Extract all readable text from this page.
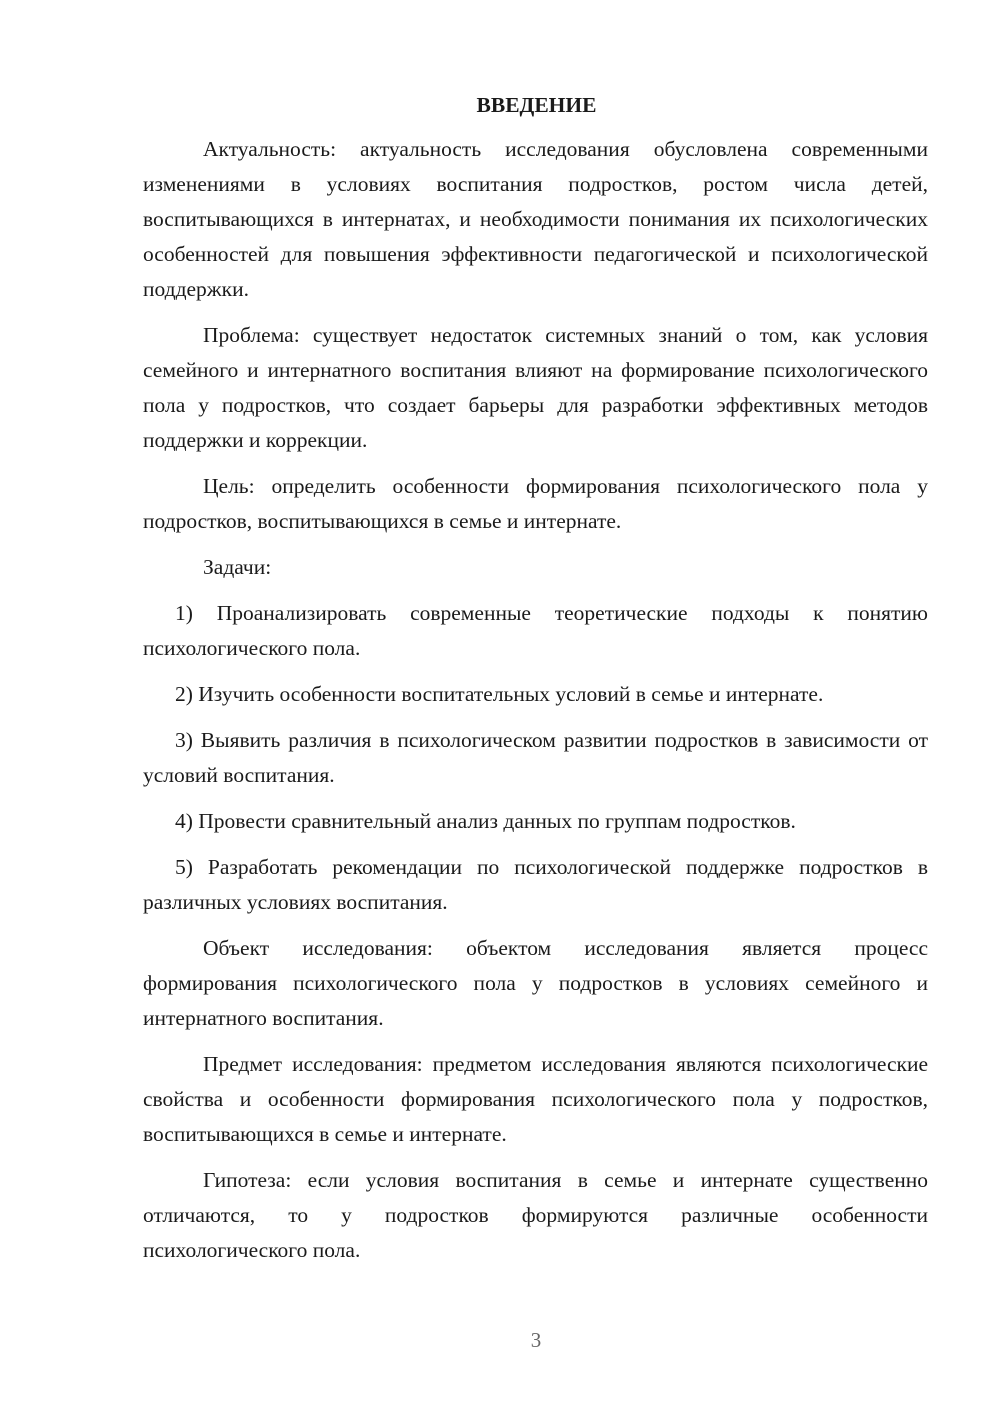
ВВЕДЕНИЕ

Актуальность: актуальность исследования обусловлена современными изменениями в условиях воспитания подростков, ростом числа детей, воспитывающихся в интернатах, и необходимости понимания их психологических особенностей для повышения эффективности педагогической и психологической поддержки.

Проблема: существует недостаток системных знаний о том, как условия семейного и интернатного воспитания влияют на формирование психологического пола у подростков, что создает барьеры для разработки эффективных методов поддержки и коррекции.

Цель: определить особенности формирования психологического пола у подростков, воспитывающихся в семье и интернате.

Задачи:

1) Проанализировать современные теоретические подходы к понятию психологического пола.

2) Изучить особенности воспитательных условий в семье и интернате.

3) Выявить различия в психологическом развитии подростков в зависимости от условий воспитания.

4) Провести сравнительный анализ данных по группам подростков.

5) Разработать рекомендации по психологической поддержке подростков в различных условиях воспитания.

Объект исследования: объектом исследования является процесс формирования психологического пола у подростков в условиях семейного и интернатного воспитания.

Предмет исследования: предметом исследования являются психологические свойства и особенности формирования психологического пола у подростков, воспитывающихся в семье и интернате.

Гипотеза: если условия воспитания в семье и интернате существенно отличаются, то у подростков формируются различные особенности психологического пола.

3
